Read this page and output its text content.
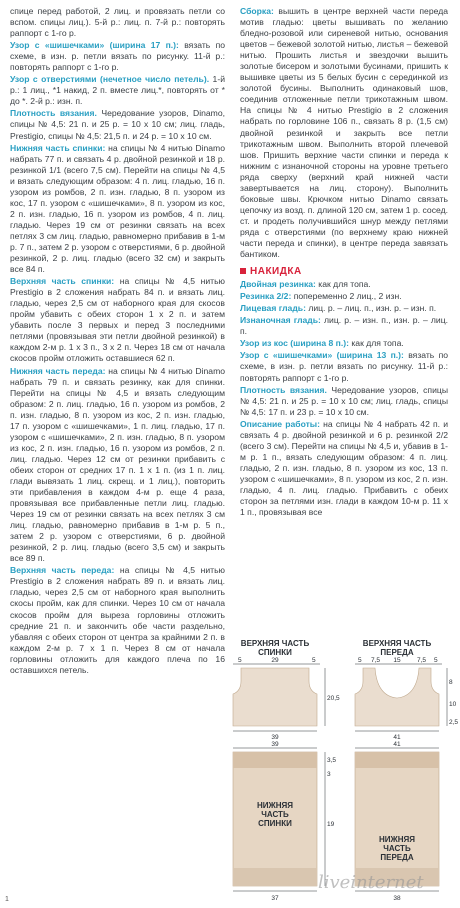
спице перед работой, 2 лиц. и провязать петли со вспом. спицы лиц.). 5-й р.: лиц. п. 7-й р.: повторять раппорт с 1-го р.

Узор с «шишечками» (ширина 17 п.): вязать по схеме, в изн. р. петли вязать по рисунку. 11-й р.: повторять раппорт с 1-го р.

Узор с отверстиями (нечетное число петель). 1-й р.: 1 лиц., *1 накид, 2 п. вместе лиц.*, повторять от * до *. 2-й р.: изн. п.

Плотность вязания. Чередование узоров, Dinamo, спицы № 4,5: 21 п. и 25 р. = 10 х 10 см; лиц. гладь, Prestigio, спицы № 4,5: 21,5 п. и 24 р. = 10 х 10 см.

Нижняя часть спинки: на спицы № 4 нитью Dinamo набрать 77 п. и связать 4 р. двойной резинкой и 18 р. резинкой 1/1 (всего 7,5 см). Перейти на спицы № 4,5 и вязать следующим образом: 4 п. лиц. гладью, 16 п. узором из ромбов, 2 п. изн. гладью, 8 п. узором из кос, 17 п. узором с «шишечками», 8 п. узором из кос, 2 п. изн. гладью, 16 п. узором из ромбов, 4 п. лиц. гладью. Через 19 см от резинки связать на всех петлях 3 см лиц. гладью, равномерно прибавив в 1-м р. 7 п., затем 2 р. узором с отверстиями, 6 р. двойной резинкой, 2 р. лиц. гладью (всего 32 см) и закрыть все 84 п.

Верхняя часть спинки: на спицы № 4,5 нитью Prestigio в 2 сложения набрать 84 п. и вязать лиц. гладью, через 2,5 см от наборного края для скосов пройм убавить с обеих сторон 1 х 2 п. и затем убавить после 3 первых и перед 3 последними петлями (провязывая эти петли двойной резинкой) в каждом 2-м р. 1 х 3 п., 3 х 2 п. Через 18 см от начала скосов пройм отложить оставшиеся 62 п.

Нижняя часть переда: на спицы № 4 нитью Dinamo набрать 79 п. и связать резинку, как для спинки. Перейти на спицы № 4,5 и вязать следующим образом: 2 п. лиц. гладью, 16 п. узором из ромбов, 2 п. изн. гладью, 8 п. узором из кос, 2 п. изн. гладью, 17 п. узором с «шишечками», 1 п. лиц. гладью, 17 п. узором с «шишечками», 2 п. изн. гладью, 8 п. узором из кос, 2 п. изн. гладью, 16 п. узором из ромбов, 2 п. лиц. гладью. Через 12 см от резинки прибавить с обеих сторон от средних 17 п. 1 х 1 п. (из 1 п. лиц. глади вывязать 1 лиц. скрещ. и 1 лиц.), повторить эти прибавления в каждом 4-м р. еще 4 раза, провязывая все прибавленные петли лиц. гладью. Через 19 см от резинки связать на всех петлях 3 см лиц. гладью, равномерно прибавив в 1-м р. 5 п., затем 2 р. узором с отверстиями, 6 р. двойной резинкой, 2 р. лиц. гладью (всего 3,5 см) и закрыть все 89 п.

Верхняя часть переда: на спицы № 4,5 нитью Prestigio в 2 сложения набрать 89 п. и вязать лиц. гладью, через 2,5 см от наборного края выполнить скосы пройм, как для спинки. Через 10 см от начала скосов пройм для выреза горловины отложить средние 21 п. и закончить обе части раздельно, убавляя с обеих сторон от центра за крайними 2 п. в каждом 2-м р. 7 х 1 п. Через 8 см от начала горловины отложить для каждого плеча по 16 оставшихся петель.

Сборка: вышить в центре верхней части переда мотив гладью: цветы вышивать по желанию бледно-розовой или сиреневой нитью, основания цветов – бежевой золотой нитью, листья – бежевой нитью. Прошить листья и звездочки вышить золотые бисером и золотыми бусинами, пришить к вышивке цветы из 5 белых бусин с серединкой из золотой бусины. Выполнить одинаковый шов, соединив отложенные петли трикотажным швом. На спицы № 4 нитью Prestigio в 2 сложения набрать по горловине 106 п., связать 8 р. (1,5 см) двойной резинкой и закрыть все петли трикотажным швом. Выполнить второй плечевой шов. Пришить верхние части спинки и переда к нижним с изнаночной стороны на уровне третьего ряда сверху (верхний край нижней части завертывается на лиц. сторону). Выполнить боковые швы. Крючком нитью Dinamo связать цепочку из возд. п. длиной 120 см, затем 1 р. сосед. ст. и продеть получившийся шнур между петлями ряда с отверстиями (по верхнему краю нижней части переда и спинки), в центре переда завязать бантиком.

НАКИДКА

Двойная резинка: как для топа.

Резинка 2/2: попеременно 2 лиц., 2 изн.

Лицевая гладь: лиц. р. – лиц. п., изн. р. – изн. п.

Изнаночная гладь: лиц. р. – изн. п., изн. р. – лиц. п.

Узор из кос (ширина 8 п.): как для топа.

Узор с «шишечками» (ширина 13 п.): вязать по схеме, в изн. р. петли вязать по рисунку. 11-й р.: повторять раппорт с 1-го р.

Плотность вязания. Чередование узоров, спицы № 4,5: 21 п. и 25 р. = 10 х 10 см; лиц. гладь, спицы № 4,5: 17 п. и 23 р. = 10 х 10 см.

Описание работы: на спицы № 4 набрать 42 п. и связать 4 р. двойной резинкой и 6 р. резинкой 2/2 (всего 3 см). Перейти на спицы № 4,5 и, убавив в 1-м р. 1 п., вязать следующим образом: 4 п. лиц. гладью, 2 п. изн. гладью, 8 п. узором из кос, 13 п. узором с «шишечками», 8 п. узором из кос, 2 п. изн. гладью, 4 п. лиц. гладью. Прибавить с обеих сторон за петлями изн. глади в каждом 10-м р. 11 х 1 п., провязывая все

ВЕРХНЯЯ ЧАСТЬ
СПИНКИ
ВЕРХНЯЯ ЧАСТЬ
ПЕРЕДА
5	29	5	5 7,5 15	7,5 5
20,5
39
8
10
2,5
41
39
НИЖНЯЯ
ЧАСТЬ
СПИНКИ
3,5
3
19
37
41
НИЖНЯЯ
ЧАСТЬ
ПЕРЕДА
38
liveinternet
1
